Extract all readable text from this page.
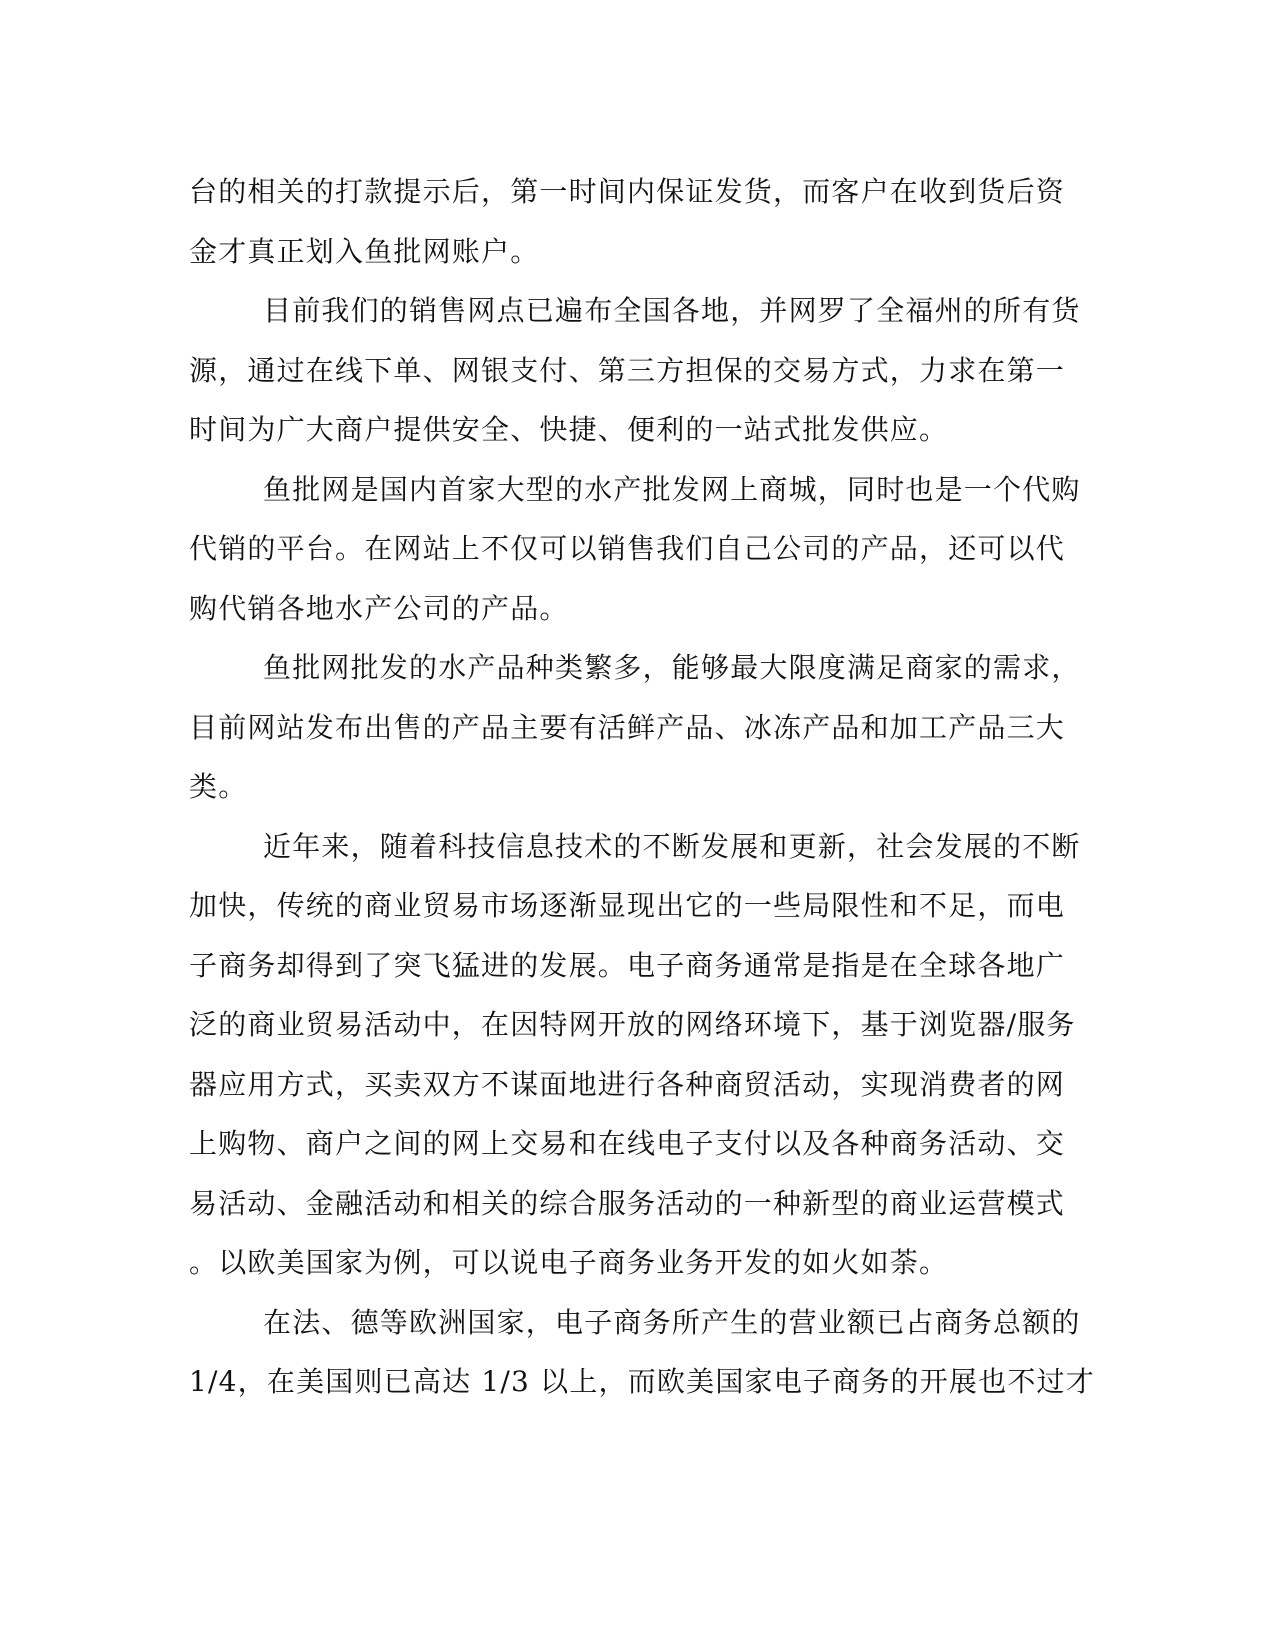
台的相关的打款提示后，第一时间内保证发货，而客户在收到货后资
金才真正划入鱼批网账户。
目前我们的销售网点已遍布全国各地，并网罗了全福州的所有货
源，通过在线下单、网银支付、第三方担保的交易方式，力求在第一
时间为广大商户提供安全、快捷、便利的一站式批发供应。
鱼批网是国内首家大型的水产批发网上商城，同时也是一个代购
代销的平台。在网站上不仅可以销售我们自己公司的产品，还可以代
购代销各地水产公司的产品。
鱼批网批发的水产品种类繁多，能够最大限度满足商家的需求，
目前网站发布出售的产品主要有活鲜产品、冰冻产品和加工产品三大
类。
近年来，随着科技信息技术的不断发展和更新，社会发展的不断
加快，传统的商业贸易市场逐渐显现出它的一些局限性和不足，而电
子商务却得到了突飞猛进的发展。电子商务通常是指是在全球各地广
泛的商业贸易活动中，在因特网开放的网络环境下，基于浏览器/服务
器应用方式，买卖双方不谋面地进行各种商贸活动，实现消费者的网
上购物、商户之间的网上交易和在线电子支付以及各种商务活动、交
易活动、金融活动和相关的综合服务活动的一种新型的商业运营模式
。以欧美国家为例，可以说电子商务业务开发的如火如荼。
在法、德等欧洲国家，电子商务所产生的营业额已占商务总额的
1/4，在美国则已高达 1/3 以上，而欧美国家电子商务的开展也不过才
